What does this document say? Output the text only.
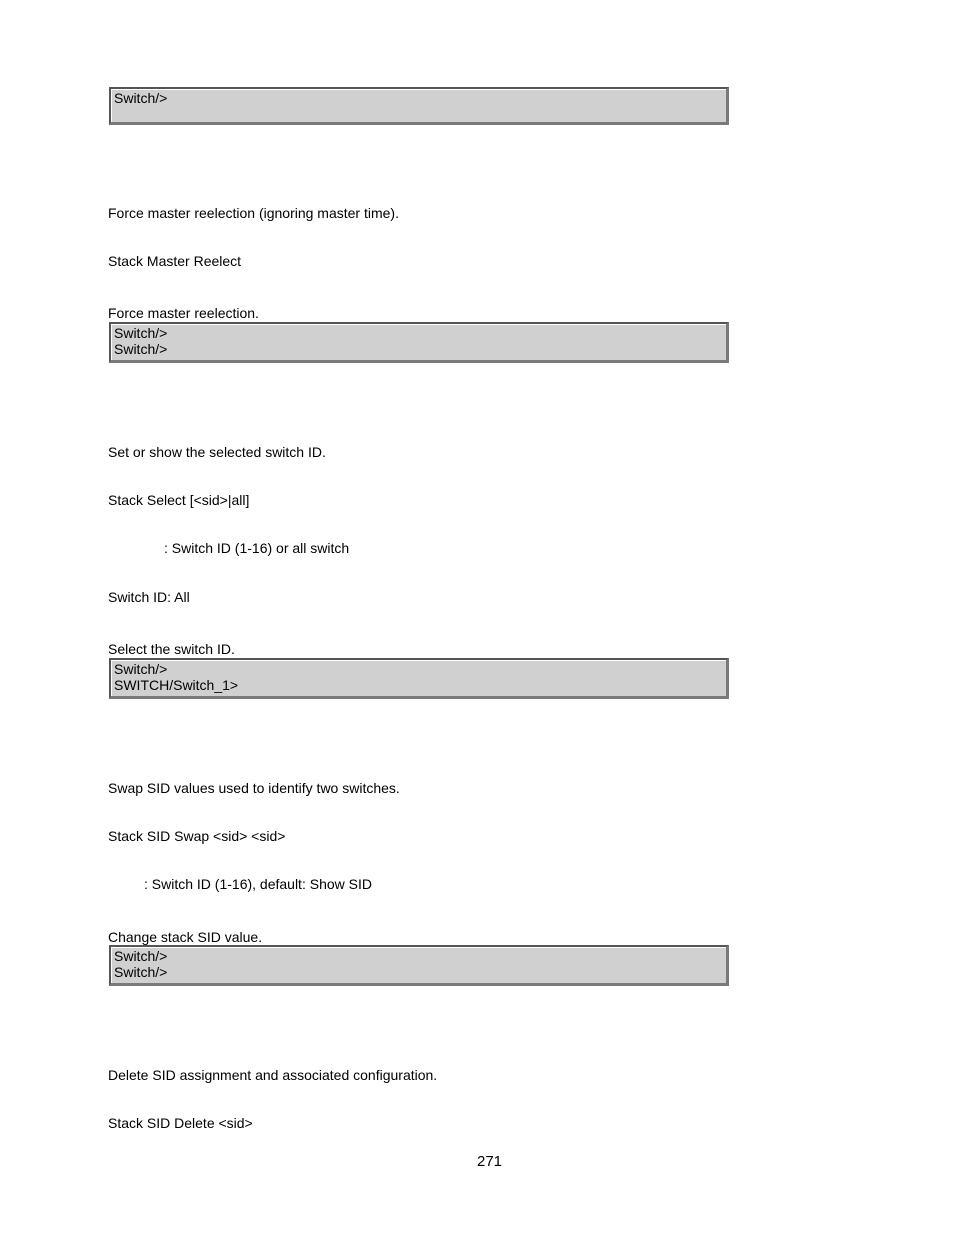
Switch/>
Force master reelection (ignoring master time).
Stack Master Reelect
Force master reelection.
Switch/>
Switch/>
Set or show the selected switch ID.
Stack Select [<sid>|all]
: Switch ID (1-16) or all switch
Switch ID: All
Select the switch ID.
Switch/>
SWITCH/Switch_1>
Swap SID values used to identify two switches.
Stack SID Swap <sid> <sid>
: Switch ID (1-16), default: Show SID
Change stack SID value.
Switch/>
Switch/>
Delete SID assignment and associated configuration.
Stack SID Delete <sid>
271
